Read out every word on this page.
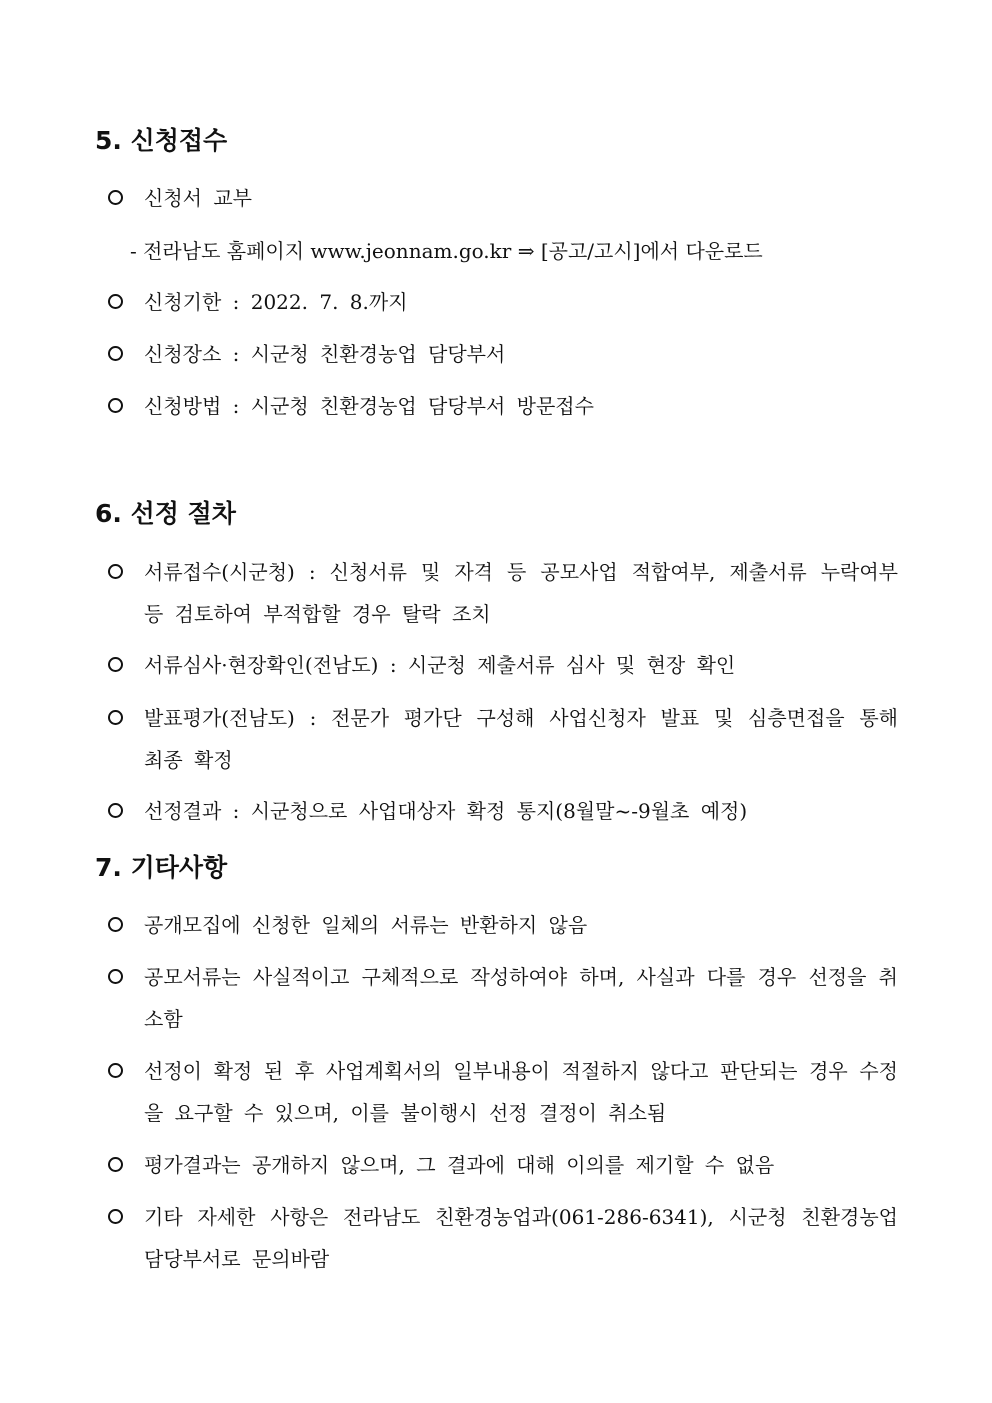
5. 신청접수
신청서 교부
- 전라남도 홈페이지 www.jeonnam.go.kr ⇒ [공고/고시]에서 다운로드
신청기한 : 2022. 7. 8.까지
신청장소 : 시군청 친환경농업 담당부서
신청방법 : 시군청 친환경농업 담당부서 방문접수
6. 선정 절차
서류접수(시군청) : 신청서류 및 자격 등 공모사업 적합여부, 제출서류 누락여부 등 검토하여 부적합할 경우 탈락 조치
서류심사·현장확인(전남도) : 시군청 제출서류 심사 및 현장 확인
발표평가(전남도) : 전문가 평가단 구성해 사업신청자 발표 및 심층면접을 통해 최종 확정
선정결과 : 시군청으로 사업대상자 확정 통지(8월말~-9월초 예정)
7. 기타사항
공개모집에 신청한 일체의 서류는 반환하지 않음
공모서류는 사실적이고 구체적으로 작성하여야 하며, 사실과 다를 경우 선정을 취소함
선정이 확정 된 후 사업계획서의 일부내용이 적절하지 않다고 판단되는 경우 수정을 요구할 수 있으며, 이를 불이행시 선정 결정이 취소됨
평가결과는 공개하지 않으며, 그 결과에 대해 이의를 제기할 수 없음
기타 자세한 사항은 전라남도 친환경농업과(061-286-6341), 시군청 친환경농업 담당부서로 문의바람
